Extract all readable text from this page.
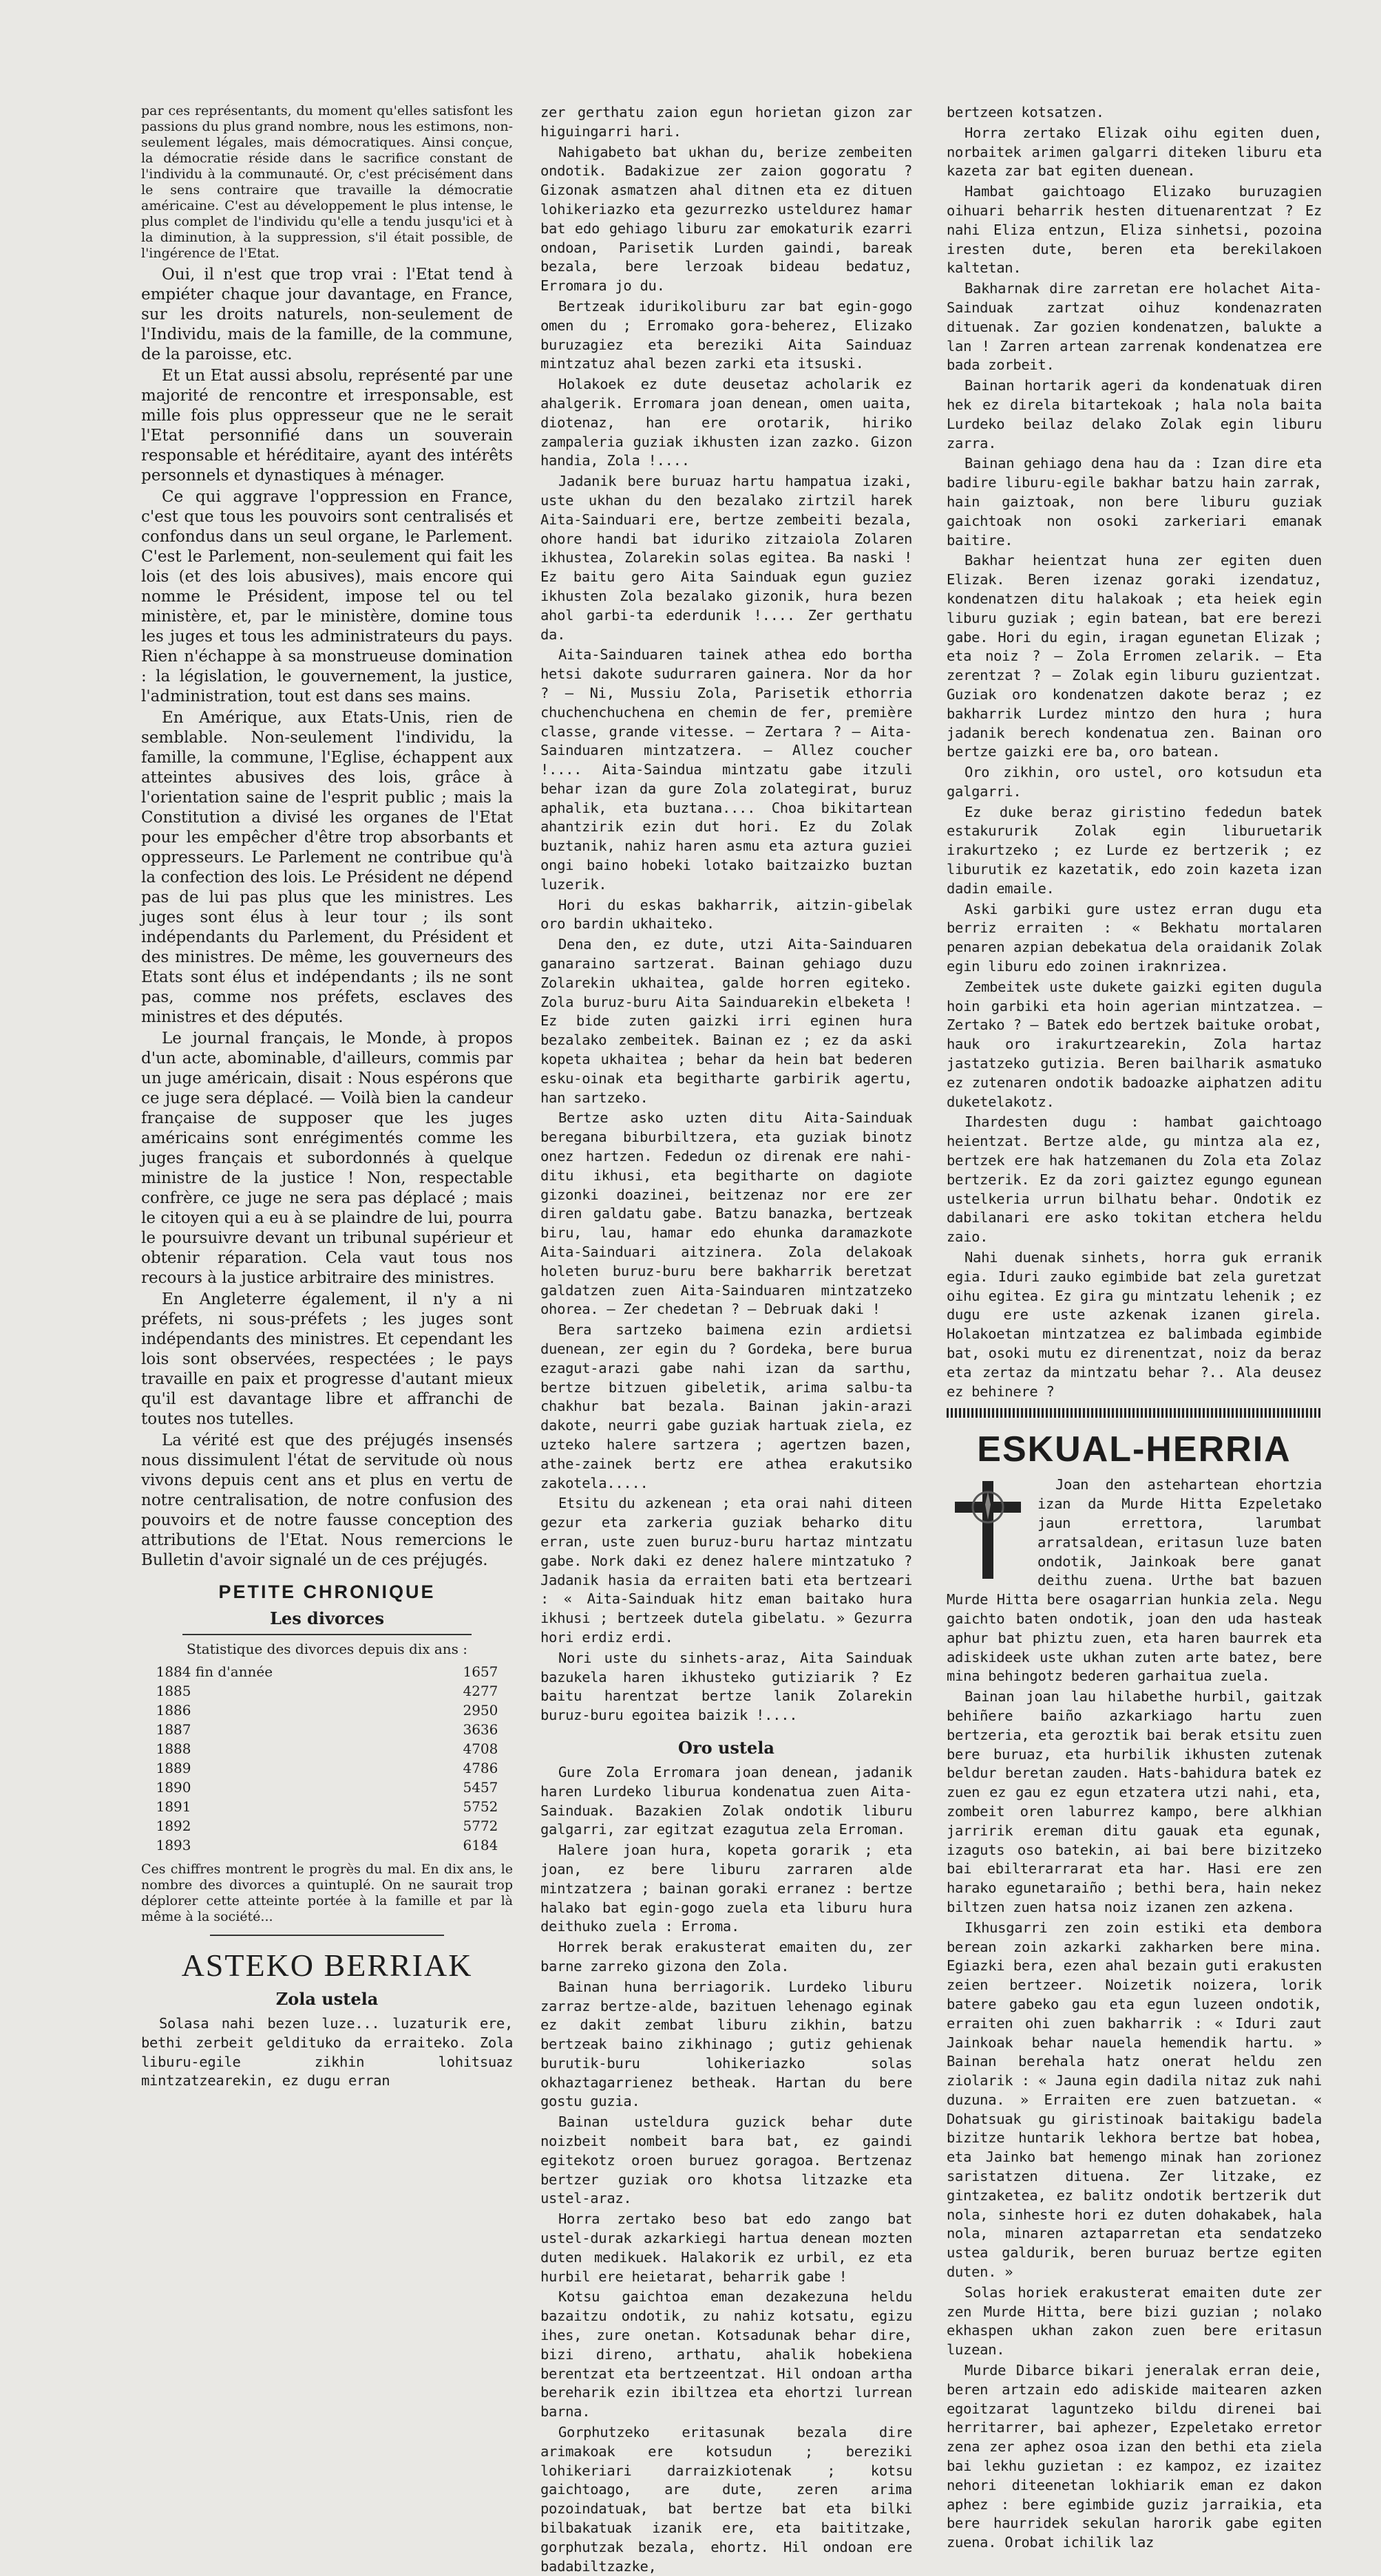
par ces représentants, du moment qu'elles satisfont les passions du plus grand nombre, nous les estimons, non-seulement légales, mais démocratiques. Ainsi conçue, la démocratie réside dans le sacrifice constant de l'individu à la communauté. Or, c'est précisément dans le sens contraire que travaille la démocratie américaine. C'est au développement le plus intense, le plus complet de l'individu qu'elle a tendu jusqu'ici et à la diminution, à la suppression, s'il était possible, de l'ingérence de l'Etat.

Oui, il n'est que trop vrai : l'Etat tend à empiéter chaque jour davantage, en France, sur les droits naturels, non-seulement de l'Individu, mais de la famille, de la commune, de la paroisse, etc.

Et un Etat aussi absolu, représenté par une majorité de rencontre et irresponsable, est mille fois plus oppresseur que ne le serait l'Etat personnifié dans un souverain responsable et héréditaire, ayant des intérêts personnels et dynastiques à ménager.

Ce qui aggrave l'oppression en France, c'est que tous les pouvoirs sont centralisés et confondus dans un seul organe, le Parlement. C'est le Parlement, non-seulement qui fait les lois (et des lois abusives), mais encore qui nomme le Président, impose tel ou tel ministère, et, par le ministère, domine tous les juges et tous les administrateurs du pays. Rien n'échappe à sa monstrueuse domination : la législation, le gouvernement, la justice, l'administration, tout est dans ses mains.

En Amérique, aux Etats-Unis, rien de semblable. Non-seulement l'individu, la famille, la commune, l'Eglise, échappent aux atteintes abusives des lois, grâce à l'orientation saine de l'esprit public ; mais la Constitution a divisé les organes de l'Etat pour les empêcher d'être trop absorbants et oppresseurs. Le Parlement ne contribue qu'à la confection des lois. Le Président ne dépend pas de lui pas plus que les ministres. Les juges sont élus à leur tour ; ils sont indépendants du Parlement, du Président et des ministres. De même, les gouverneurs des Etats sont élus et indépendants ; ils ne sont pas, comme nos préfets, esclaves des ministres et des députés.

Le journal français, le Monde, à propos d'un acte, abominable, d'ailleurs, commis par un juge américain, disait : Nous espérons que ce juge sera déplacé. — Voilà bien la candeur française de supposer que les juges américains sont enrégimentés comme les juges français et subordonnés à quelque ministre de la justice ! Non, respectable confrère, ce juge ne sera pas déplacé ; mais le citoyen qui a eu à se plaindre de lui, pourra le poursuivre devant un tribunal supérieur et obtenir réparation. Cela vaut tous nos recours à la justice arbitraire des ministres.

En Angleterre également, il n'y a ni préfets, ni sous-préfets ; les juges sont indépendants des ministres. Et cependant les lois sont observées, respectées ; le pays travaille en paix et progresse d'autant mieux qu'il est davantage libre et affranchi de toutes nos tutelles.

La vérité est que des préjugés insensés nous dissimulent l'état de servitude où nous vivons depuis cent ans et plus en vertu de notre centralisation, de notre confusion des pouvoirs et de notre fausse conception des attributions de l'Etat. Nous remercions le Bulletin d'avoir signalé un de ces préjugés.

PETITE CHRONIQUE
Les divorces

Statistique des divorces depuis dix ans :

1884 fin d'année	1657
1885	4277
1886	2950
1887	3636
1888	4708
1889	4786
1890	5457
1891	5752
1892	5772
1893	6184

Ces chiffres montrent le progrès du mal. En dix ans, le nombre des divorces a quintuplé. On ne saurait trop déplorer cette atteinte portée à la famille et par là même à la société...

ASTEKO BERRIAK
Zola ustela

Solasa nahi bezen luze... luzaturik ere, bethi zerbeit geldituko da erraiteko. Zola liburu-egile zikhin lohitsuaz mintzatzearekin, ez dugu erran

zer gerthatu zaion egun horietan gizon zar higuingarri hari.

Nahigabeto bat ukhan du, berize zembeiten ondotik. Badakizue zer zaion gogoratu ? Gizonak asmatzen ahal ditnen eta ez dituen lohikeriazko eta gezurrezko usteldurez hamar bat edo gehiago liburu zar emokaturik ezarri ondoan, Parisetik Lurden gaindi, bareak bezala, bere lerzoak bideau bedatuz, Erromara jo du.

Bertzeak idurikoliburu zar bat egin-gogo omen du ; Erromako gora-beherez, Elizako buruzagiez eta bereziki Aita Sainduaz mintzatuz ahal bezen zarki eta itsuski.

Holakoek ez dute deusetaz acholarik ez ahalgerik. Erromara joan denean, omen uaita, diotenaz, han ere orotarik, hiriko zampaleria guziak ikhusten izan zazko. Gizon handia, Zola !....

Jadanik bere buruaz hartu hampatua izaki, uste ukhan du den bezalako zirtzil harek Aita-Sainduari ere, bertze zembeiti bezala, ohore handi bat iduriko zitzaiola Zolaren ikhustea, Zolarekin solas egitea. Ba naski ! Ez baitu gero Aita Sainduak egun guziez ikhusten Zola bezalako gizonik, hura bezen ahol garbi-ta ederdunik !.... Zer gerthatu da.

Aita-Sainduaren tainek athea edo bortha hetsi dakote sudurraren gainera. Nor da hor ? — Ni, Mussiu Zola, Parisetik ethorria chuchenchuchena en chemin de fer, première classe, grande vitesse. — Zertara ? — Aita-Sainduaren mintzatzera. — Allez coucher !.... Aita-Saindua mintzatu gabe itzuli behar izan da gure Zola zolategirat, buruz aphalik, eta buztana.... Choa bikitartean ahantzirik ezin dut hori. Ez du Zolak buztanik, nahiz haren asmu eta aztura guziei ongi baino hobeki lotako baitzaizko buztan luzerik.

Hori du eskas bakharrik, aitzin-gibelak oro bardin ukhaiteko.

Dena den, ez dute, utzi Aita-Sainduaren ganaraino sartzerat. Bainan gehiago duzu Zolarekin ukhaitea, galde horren egiteko. Zola buruz-buru Aita Sainduarekin elbeketa ! Ez bide zuten gaizki irri eginen hura bezalako zembeitek. Bainan ez ; ez da aski kopeta ukhaitea ; behar da hein bat bederen esku-oinak eta begitharte garbirik agertu, han sartzeko.

Bertze asko uzten ditu Aita-Sainduak beregana biburbiltzera, eta guziak binotz onez hartzen. Fededun oz direnak ere nahi-ditu ikhusi, eta begitharte on dagiote gizonki doazinei, beitzenaz nor ere zer diren galdatu gabe. Batzu banazka, bertzeak biru, lau, hamar edo ehunka daramazkote Aita-Sainduari aitzinera. Zola delakoak holeten buruz-buru bere bakharrik beretzat galdatzen zuen Aita-Sainduaren mintzatzeko ohorea. — Zer chedetan ? — Debruak daki !

Bera sartzeko baimena ezin ardietsi duenean, zer egin du ? Gordeka, bere burua ezagut-arazi gabe nahi izan da sarthu, bertze bitzuen gibeletik, arima salbu-ta chakhur bat bezala. Bainan jakin-arazi dakote, neurri gabe guziak hartuak ziela, ez uzteko halere sartzera ; agertzen bazen, athe-zainek bertz ere athea erakutsiko zakotela.....

Etsitu du azkenean ; eta orai nahi diteen gezur eta zarkeria guziak beharko ditu erran, uste zuen buruz-buru hartaz mintzatu gabe. Nork daki ez denez halere mintzatuko ? Jadanik hasia da erraiten bati eta bertzeari : « Aita-Sainduak hitz eman baitako hura ikhusi ; bertzeek dutela gibelatu. » Gezurra hori erdiz erdi.

Nori uste du sinhets-araz, Aita Sainduak bazukela haren ikhusteko gutiziarik ? Ez baitu harentzat bertze lanik Zolarekin buruz-buru egoitea baizik !....

Oro ustela

Gure Zola Erromara joan denean, jadanik haren Lurdeko liburua kondenatua zuen Aita-Sainduak. Bazakien Zolak ondotik liburu galgarri, zar egitzat ezagutua zela Erroman.

Halere joan hura, kopeta gorarik ; eta joan, ez bere liburu zarraren alde mintzatzera ; bainan goraki erranez : bertze halako bat egin-gogo zuela eta liburu hura deithuko zuela : Erroma.

Horrek berak erakusterat emaiten du, zer barne zarreko gizona den Zola.

Bainan huna berriagorik. Lurdeko liburu zarraz bertze-alde, bazituen lehenago eginak ez dakit zembat liburu zikhin, batzu bertzeak baino zikhinago ; gutiz gehienak burutik-buru lohikeriazko solas okhaztagarrienez betheak. Hartan du bere gostu guzia.

Bainan usteldura guzick behar dute noizbeit nombeit bara bat, ez gaindi egitekotz oroen buruez goragoa. Bertzenaz bertzer guziak oro khotsa litzazke eta ustel-araz.

Horra zertako beso bat edo zango bat ustel-durak azkarkiegi hartua denean mozten duten medikuek. Halakorik ez urbil, ez eta hurbil ere heietarat, beharrik gabe !

Kotsu gaichtoa eman dezakezuna heldu bazaitzu ondotik, zu nahiz kotsatu, egizu ihes, zure onetan. Kotsadunak behar dire, bizi direno, arthatu, ahalik hobekiena berentzat eta bertzeentzat. Hil ondoan artha bereharik ezin ibiltzea eta ehortzi lurrean barna.

Gorphutzeko eritasunak bezala dire arimakoak ere kotsudun ; bereziki lohikeriari darraizkiotenak ; kotsu gaichtoago, are dute, zeren arima pozoindatuak, bat bertze bat eta bilki bilbakatuak izanik ere, eta baititzake, gorphutzak bezala, ehortz. Hil ondoan ere badabiltzazke,

bertzeen kotsatzen.

Horra zertako Elizak oihu egiten duen, norbaitek arimen galgarri diteken liburu eta kazeta zar bat egiten duenean.

Hambat gaichtoago Elizako buruzagien oihuari beharrik hesten dituenarentzat ? Ez nahi Eliza entzun, Eliza sinhetsi, pozoina iresten dute, beren eta berekilakoen kaltetan.

Bakharnak dire zarretan ere holachet Aita-Sainduak zartzat oihuz kondenazraten dituenak. Zar gozien kondenatzen, balukte a lan ! Zarren artean zarrenak kondenatzea ere bada zorbeit.

Bainan hortarik ageri da kondenatuak diren hek ez direla bitartekoak ; hala nola baita Lurdeko beilaz delako Zolak egin liburu zarra.

Bainan gehiago dena hau da : Izan dire eta badire liburu-egile bakhar batzu hain zarrak, hain gaiztoak, non bere liburu guziak gaichtoak non osoki zarkeriari emanak baitire.

Bakhar heientzat huna zer egiten duen Elizak. Beren izenaz goraki izendatuz, kondenatzen ditu halakoak ; eta heiek egin liburu guziak ; egin batean, bat ere berezi gabe. Hori du egin, iragan egunetan Elizak ; eta noiz ? — Zola Erromen zelarik. — Eta zerentzat ? — Zolak egin liburu guzientzat. Guziak oro kondenatzen dakote beraz ; ez bakharrik Lurdez mintzo den hura ; hura jadanik berech kondenatua zen. Bainan oro bertze gaizki ere ba, oro batean.

Oro zikhin, oro ustel, oro kotsudun eta galgarri.

Ez duke beraz giristino fededun batek estakururik Zolak egin liburuetarik irakurtzeko ; ez Lurde ez bertzerik ; ez liburutik ez kazetatik, edo zoin kazeta izan dadin emaile.

Aski garbiki gure ustez erran dugu eta berriz erraiten : « Bekhatu mortalaren penaren azpian debekatua dela oraidanik Zolak egin liburu edo zoinen iraknrizea.

Zembeitek uste dukete gaizki egiten dugula hoin garbiki eta hoin agerian mintzatzea. — Zertako ? — Batek edo bertzek baituke orobat, hauk oro irakurtzearekin, Zola hartaz jastatzeko gutizia. Beren bailharik asmatuko ez zutenaren ondotik badoazke aiphatzen aditu duketelakotz.

Ihardesten dugu : hambat gaichtoago heientzat. Bertze alde, gu mintza ala ez, bertzek ere hak hatzemanen du Zola eta Zolaz bertzerik. Ez da zori gaiztez egungo egunean ustelkeria urrun bilhatu behar. Ondotik ez dabilanari ere asko tokitan etchera heldu zaio.

Nahi duenak sinhets, horra guk erranik egia. Iduri zauko egimbide bat zela guretzat oihu egitea. Ez gira gu mintzatu lehenik ; ez dugu ere uste azkenak izanen girela. Holakoetan mintzatzea ez balimbada egimbide bat, osoki mutu ez direnentzat, noiz da beraz eta zertaz da mintzatu behar ?.. Ala deusez ez behinere ?

ESKUAL-HERRIA

Joan den astehartean ehortzia izan da Murde Hitta Ezpeletako jaun errettora, larumbat arratsaldean, eritasun luze baten ondotik, Jainkoak bere ganat deithu zuena. Urthe bat bazuen Murde Hitta bere osagarrian hunkia zela. Negu gaichto baten ondotik, joan den uda hasteak aphur bat phiztu zuen, eta haren baurrek eta adiskideek uste ukhan zuten arte batez, bere mina behingotz bederen garhaitua zuela.

Bainan joan lau hilabethe hurbil, gaitzak behiñere baiño azkarkiago hartu zuen bertzeria, eta geroztik bai berak etsitu zuen bere buruaz, eta hurbilik ikhusten zutenak beldur beretan zauden. Hats-bahidura batek ez zuen ez gau ez egun etzatera utzi nahi, eta, zombeit oren laburrez kampo, bere alkhian jarririk ereman ditu gauak eta egunak, izaguts oso batekin, ai bai bere bizitzeko bai ebilterarrarat eta har. Hasi ere zen harako egunetaraiño ; bethi bera, hain nekez biltzen zuen hatsa noiz izanen zen azkena.

Ikhusgarri zen zoin estiki eta dembora berean zoin azkarki zakharken bere mina. Egiazki bera, ezen ahal bezain guti erakusten zeien bertzeer. Noizetik noizera, lorik batere gabeko gau eta egun luzeen ondotik, erraiten ohi zuen bakharrik : « Iduri zaut Jainkoak behar nauela hemendik hartu. » Bainan berehala hatz onerat heldu zen ziolarik : « Jauna egin dadila nitaz zuk nahi duzuna. » Erraiten ere zuen batzuetan. « Dohatsuak gu giristinoak baitakigu badela bizitze huntarik lekhora bertze bat hobea, eta Jainko bat hemengo minak han zorionez saristatzen dituena. Zer litzake, ez gintzaketea, ez balitz ondotik bertzerik dut nola, sinheste hori ez duten dohakabek, hala nola, minaren aztaparretan eta sendatzeko ustea galdurik, beren buruaz bertze egiten duten. »

Solas horiek erakusterat emaiten dute zer zen Murde Hitta, bere bizi guzian ; nolako ekhaspen ukhan zakon zuen bere eritasun luzean.

Murde Dibarce bikari jeneralak erran deie, beren artzain edo adiskide maitearen azken egoitzarat laguntzeko bildu direnei bai herritarrer, bai aphezer, Ezpeletako erretor zena zer aphez osoa izan den bethi eta ziela bai lekhu guzietan : ez kampoz, ez izaitez nehori diteenetan lokhiarik eman ez dakon aphez : bere egimbide guziz jarraikia, eta bere haurridek sekulan harorik gabe egiten zuena. Orobat ichilik laz
